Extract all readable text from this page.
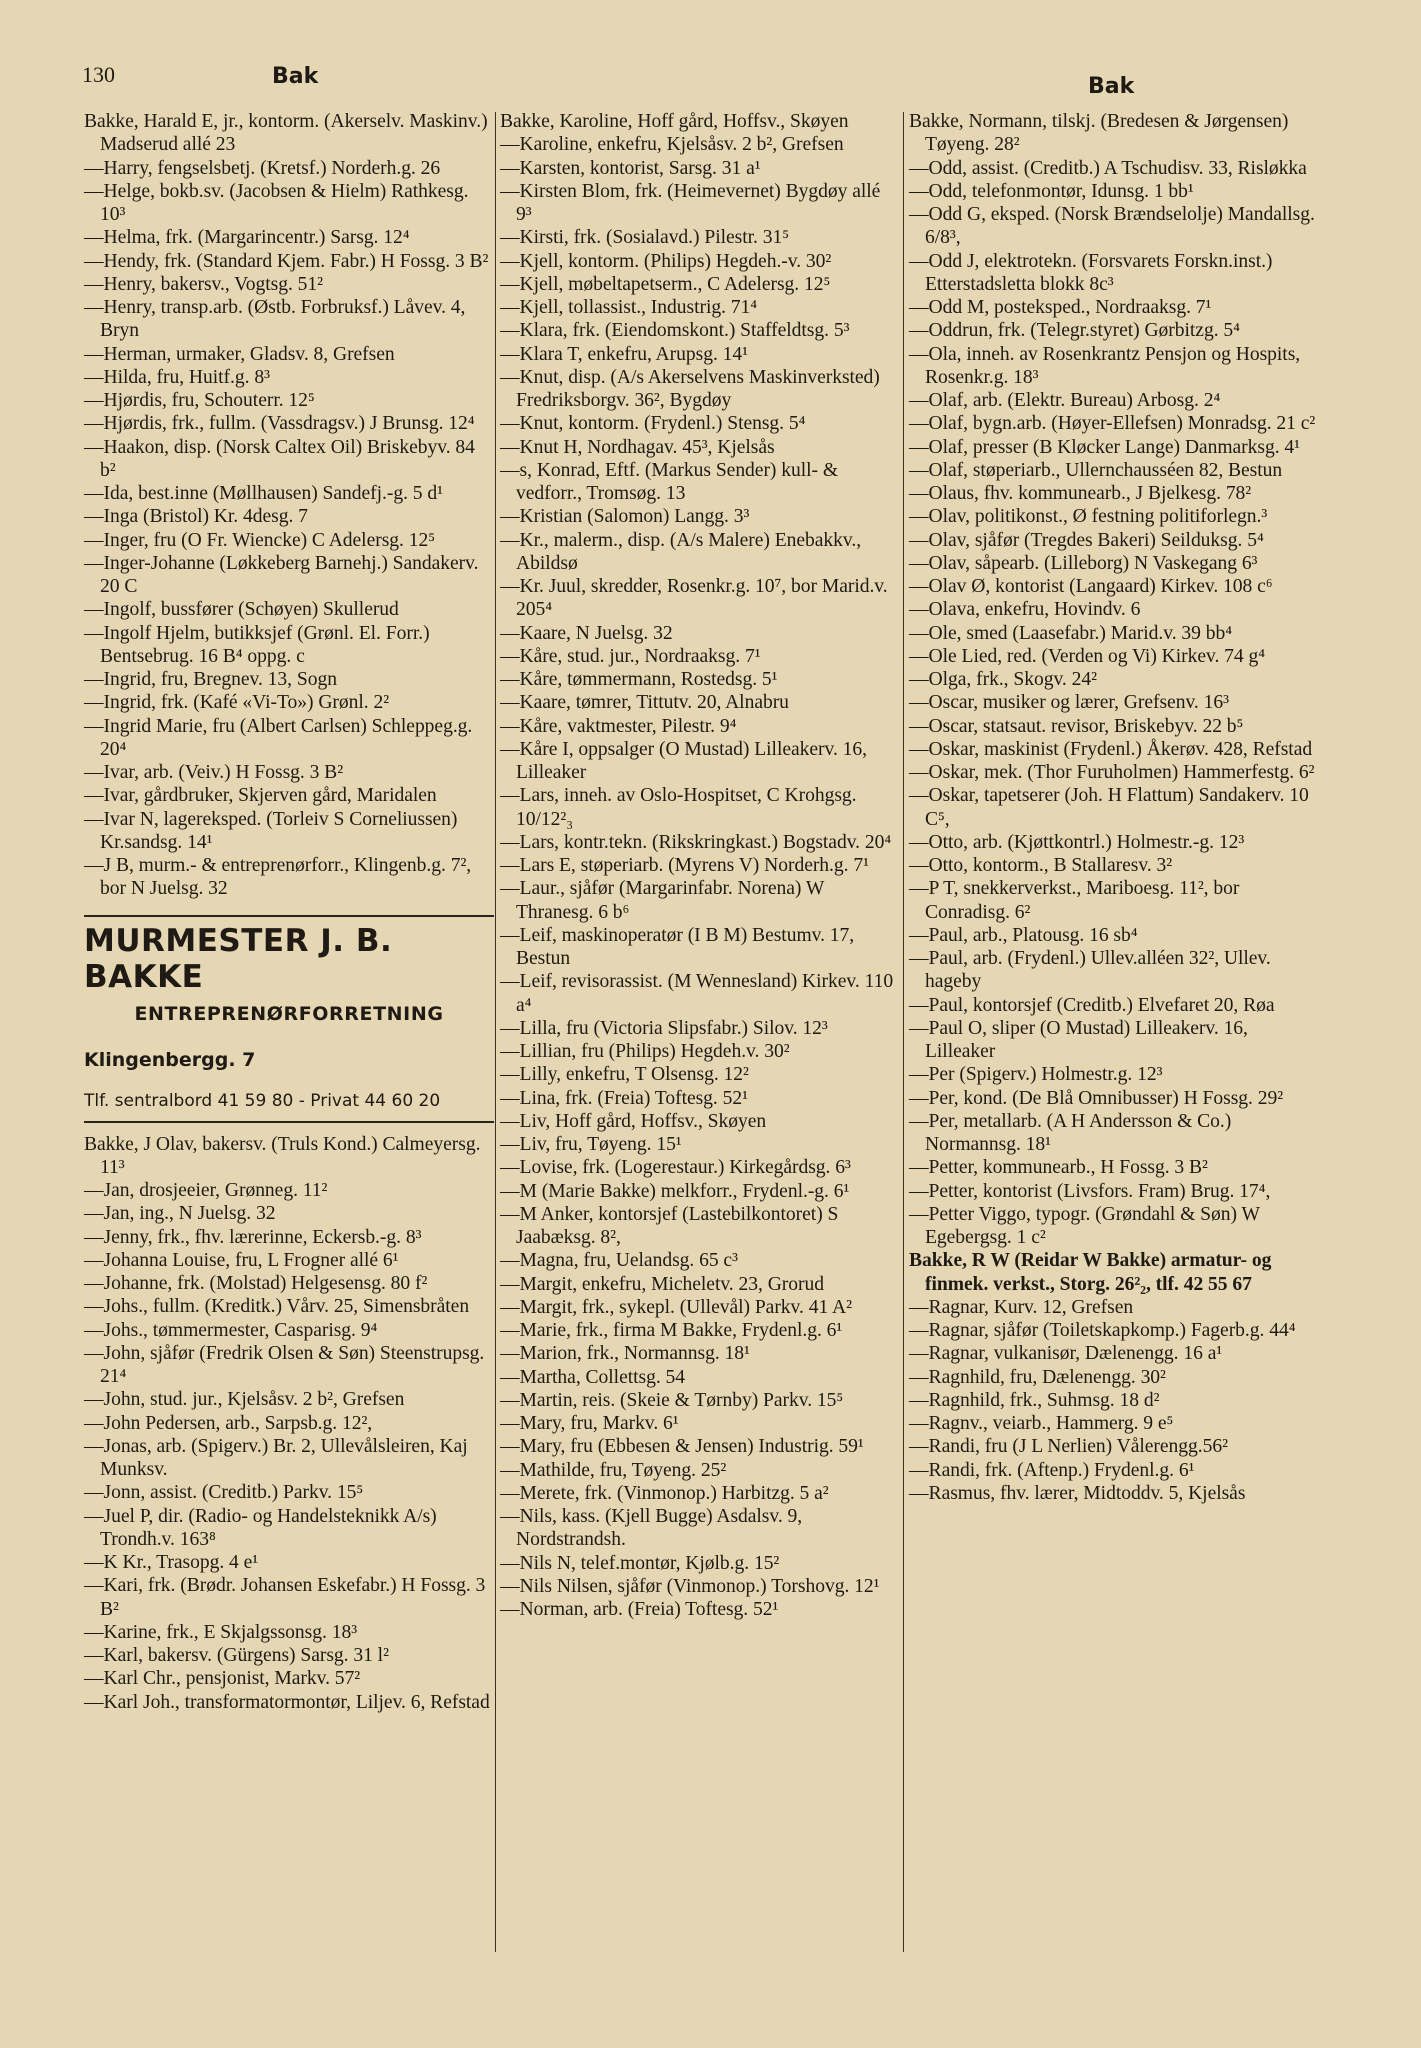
130	Bak	Bak
Bakke, Harald E, jr., kontorm. (Akerselv. Maskinv.) Madserud allé 23
—Harry, fengselsbetj. (Kretsf.) Norderh.g. 26
—Helge, bokb.sv. (Jacobsen & Hielm) Rathkesg. 10³
—Helma, frk. (Margarincentr.) Sarsg. 12⁴
—Hendy, frk. (Standard Kjem. Fabr.) H Fossg. 3 B²
—Henry, bakersv., Vogtsg. 51²
—Henry, transp.arb. (Østb. Forbruksf.) Låvev. 4, Bryn
—Herman, urmaker, Gladsv. 8, Grefsen
—Hilda, fru, Huitf.g. 8³
—Hjørdis, fru, Schouterr. 12⁵
—Hjørdis, frk., fullm. (Vassdragsv.) J Brunsg. 12⁴
—Haakon, disp. (Norsk Caltex Oil) Briskebyv. 84 b²
—Ida, best.inne (Møllhausen) Sandefj.-g. 5 d¹
—Inga (Bristol) Kr. 4desg. 7
—Inger, fru (O Fr. Wiencke) C Adelersg. 12⁵
—Inger-Johanne (Løkkeberg Barnehj.) Sandakerv. 20 C
—Ingolf, bussfører (Schøyen) Skullerud
—Ingolf Hjelm, butikksjef (Grønl. El. Forr.) Bentsebrug. 16 B⁴ oppg. c
—Ingrid, fru, Bregnev. 13, Sogn
—Ingrid, frk. (Kafé «Vi-To») Grønl. 2²
—Ingrid Marie, fru (Albert Carlsen) Schleppeg.g. 20⁴
—Ivar, arb. (Veiv.) H Fossg. 3 B²
—Ivar, gårdbruker, Skjerven gård, Maridalen
—Ivar N, lagereksped. (Torleiv S Corneliussen) Kr.sandsg. 14¹
—J B, murm.- & entreprenørforr., Klingenb.g. 7², bor N Juelsg. 32
MURMESTER J. B. BAKKE
ENTREPRENØRFORRETNING
Klingenbergg. 7
Tlf. sentralbord 41 59 80 - Privat 44 60 20
Bakke, J Olav, bakersv. (Truls Kond.) Calmeyersg. 11³
—Jan, drosjeeier, Grønneg. 11²
—Jan, ing., N Juelsg. 32
—Jenny, frk., fhv. lærerinne, Eckersb.-g. 8³
—Johanna Louise, fru, L Frogner allé 6¹
—Johanne, frk. (Molstad) Helgesensg. 80 f²
—Johs., fullm. (Kreditk.) Vårv. 25, Simensbråten
—Johs., tømmermester, Casparisg. 9⁴
—John, sjåfør (Fredrik Olsen & Søn) Steenstrupsg. 21⁴
—John, stud. jur., Kjelsåsv. 2 b², Grefsen
—John Pedersen, arb., Sarpsb.g. 12²,
—Jonas, arb. (Spigerv.) Br. 2, Ullevålsleiren, Kaj Munksv.
—Jonn, assist. (Creditb.) Parkv. 15⁵
—Juel P, dir. (Radio- og Handelsteknikk A/s) Trondh.v. 163⁸
—K Kr., Trasopg. 4 e¹
—Kari, frk. (Brødr. Johansen Eskefabr.) H Fossg. 3 B²
—Karine, frk., E Skjalgssonsg. 18³
—Karl, bakersv. (Gürgens) Sarsg. 31 l²
—Karl Chr., pensjonist, Markv. 57²
—Karl Joh., transformatormontør, Liljev. 6, Refstad
Bakke, Karoline, Hoff gård, Hoffsv., Skøyen
—Karoline, enkefru, Kjelsåsv. 2 b², Grefsen
—Karsten, kontorist, Sarsg. 31 a¹
—Kirsten Blom, frk. (Heimevernet) Bygdøy allé 9³
—Kirsti, frk. (Sosialavd.) Pilestr. 31⁵
—Kjell, kontorm. (Philips) Hegdeh.-v. 30²
—Kjell, møbeltapetserm., C Adelersg. 12⁵
—Kjell, tollassist., Industrig. 71⁴
—Klara, frk. (Eiendomskont.) Staffeldtsg. 5³
—Klara T, enkefru, Arupsg. 14¹
—Knut, disp. (A/s Akerselvens Maskinverksted) Fredriksborgv. 36², Bygdøy
—Knut, kontorm. (Frydenl.) Stensg. 5⁴
—Knut H, Nordhagav. 45³, Kjelsås
—s, Konrad, Eftf. (Markus Sender) kull- & vedforr., Tromsøg. 13
—Kristian (Salomon) Langg. 3³
—Kr., malerm., disp. (A/s Malere) Enebakkv., Abildsø
—Kr. Juul, skredder, Rosenkr.g. 10⁷, bor Marid.v. 205⁴
—Kaare, N Juelsg. 32
—Kåre, stud. jur., Nordraaksg. 7¹
—Kåre, tømmermann, Rostedsg. 5¹
—Kaare, tømrer, Tittutv. 20, Alnabru
—Kåre, vaktmester, Pilestr. 9⁴
—Kåre I, oppsalger (O Mustad) Lilleakerv. 16, Lilleaker
—Lars, inneh. av Oslo-Hospitset, C Krohgsg. 10/12²₃
—Lars, kontr.tekn. (Rikskringkast.) Bogstadv. 20⁴
—Lars E, støperiarb. (Myrens V) Norderh.g. 7¹
—Laur., sjåfør (Margarinfabr. Norena) W Thranesg. 6 b⁶
—Leif, maskinoperatør (I B M) Bestumv. 17, Bestun
—Leif, revisorassist. (M Wennesland) Kirkev. 110 a⁴
—Lilla, fru (Victoria Slipsfabr.) Silov. 12³
—Lillian, fru (Philips) Hegdeh.v. 30²
—Lilly, enkefru, T Olsensg. 12²
—Lina, frk. (Freia) Toftesg. 52¹
—Liv, Hoff gård, Hoffsv., Skøyen
—Liv, fru, Tøyeng. 15¹
—Lovise, frk. (Logerestaur.) Kirkegårdsg. 6³
—M (Marie Bakke) melkforr., Frydenl.-g. 6¹
—M Anker, kontorsjef (Lastebilkontoret) S Jaabæksg. 8²,
—Magna, fru, Uelandsg. 65 c³
—Margit, enkefru, Micheletv. 23, Grorud
—Margit, frk., sykepl. (Ullevål) Parkv. 41 A²
—Marie, frk., firma M Bakke, Frydenl.g. 6¹
—Marion, frk., Normannsg. 18¹
—Martha, Collettsg. 54
—Martin, reis. (Skeie & Tørnby) Parkv. 15⁵
—Mary, fru, Markv. 6¹
—Mary, fru (Ebbesen & Jensen) Industrig. 59¹
—Mathilde, fru, Tøyeng. 25²
—Merete, frk. (Vinmonop.) Harbitzg. 5 a²
—Nils, kass. (Kjell Bugge) Asdalsv. 9, Nordstrandsh.
—Nils N, telef.montør, Kjølb.g. 15²
—Nils Nilsen, sjåfør (Vinmonop.) Torshovg. 12¹
—Norman, arb. (Freia) Toftesg. 52¹
Bakke, Normann, tilskj. (Bredesen & Jørgensen) Tøyeng. 28²
—Odd, assist. (Creditb.) A Tschudisv. 33, Risløkka
—Odd, telefonmontør, Idunsg. 1 bb¹
—Odd G, eksped. (Norsk Brændselolje) Mandallsg. 6/8³,
—Odd J, elektrotekn. (Forsvarets Forskn.inst.) Etterstadsletta blokk 8c³
—Odd M, posteksped., Nordraaksg. 7¹
—Oddrun, frk. (Telegr.styret) Gørbitzg. 5⁴
—Ola, inneh. av Rosenkrantz Pensjon og Hospits, Rosenkr.g. 18³
—Olaf, arb. (Elektr. Bureau) Arbosg. 2⁴
—Olaf, bygn.arb. (Høyer-Ellefsen) Monradsg. 21 c²
—Olaf, presser (B Kløcker Lange) Danmarksg. 4¹
—Olaf, støperiarb., Ullernchausséen 82, Bestun
—Olaus, fhv. kommunearb., J Bjelkesg. 78²
—Olav, politikonst., Ø festning politiforlegn.³
—Olav, sjåfør (Tregdes Bakeri) Seilduksg. 5⁴
—Olav, såpearb. (Lilleborg) N Vaskegang 6³
—Olav Ø, kontorist (Langaard) Kirkev. 108 c⁶
—Olava, enkefru, Hovindv. 6
—Ole, smed (Laasefabr.) Marid.v. 39 bb⁴
—Ole Lied, red. (Verden og Vi) Kirkev. 74 g⁴
—Olga, frk., Skogv. 24²
—Oscar, musiker og lærer, Grefsenv. 16³
—Oscar, statsaut. revisor, Briskebyv. 22 b⁵
—Oskar, maskinist (Frydenl.) Åkerøv. 428, Refstad
—Oskar, mek. (Thor Furuholmen) Hammerfestg. 6²
—Oskar, tapetserer (Joh. H Flattum) Sandakerv. 10 C⁵,
—Otto, arb. (Kjøttkontrl.) Holmestr.-g. 12³
—Otto, kontorm., B Stallaresv. 3²
—P T, snekkerverkst., Mariboesg. 11², bor Conradisg. 6²
—Paul, arb., Platousg. 16 sb⁴
—Paul, arb. (Frydenl.) Ullev.alléen 32², Ullev. hageby
—Paul, kontorsjef (Creditb.) Elvefaret 20, Røa
—Paul O, sliper (O Mustad) Lilleakerv. 16, Lilleaker
—Per (Spigerv.) Holmestr.g. 12³
—Per, kond. (De Blå Omnibusser) H Fossg. 29²
—Per, metallarb. (A H Andersson & Co.) Normannsg. 18¹
—Petter, kommunearb., H Fossg. 3 B²
—Petter, kontorist (Livsfors. Fram) Brug. 17⁴,
—Petter Viggo, typogr. (Grøndahl & Søn) W Egebergsg. 1 c²
Bakke, R W (Reidar W Bakke) armatur- og finmek. verkst., Storg. 26²₂, tlf. 42 55 67
—Ragnar, Kurv. 12, Grefsen
—Ragnar, sjåfør (Toiletskapkomp.) Fagerb.g. 44⁴
—Ragnar, vulkanisør, Dælenengg. 16 a¹
—Ragnhild, fru, Dælenengg. 30²
—Ragnhild, frk., Suhmsg. 18 d²
—Ragnv., veiarb., Hammerg. 9 e⁵
—Randi, fru (J L Nerlien) Vålerengg.56²
—Randi, frk. (Aftenp.) Frydenl.g. 6¹
—Rasmus, fhv. lærer, Midtoddv. 5, Kjelsås
